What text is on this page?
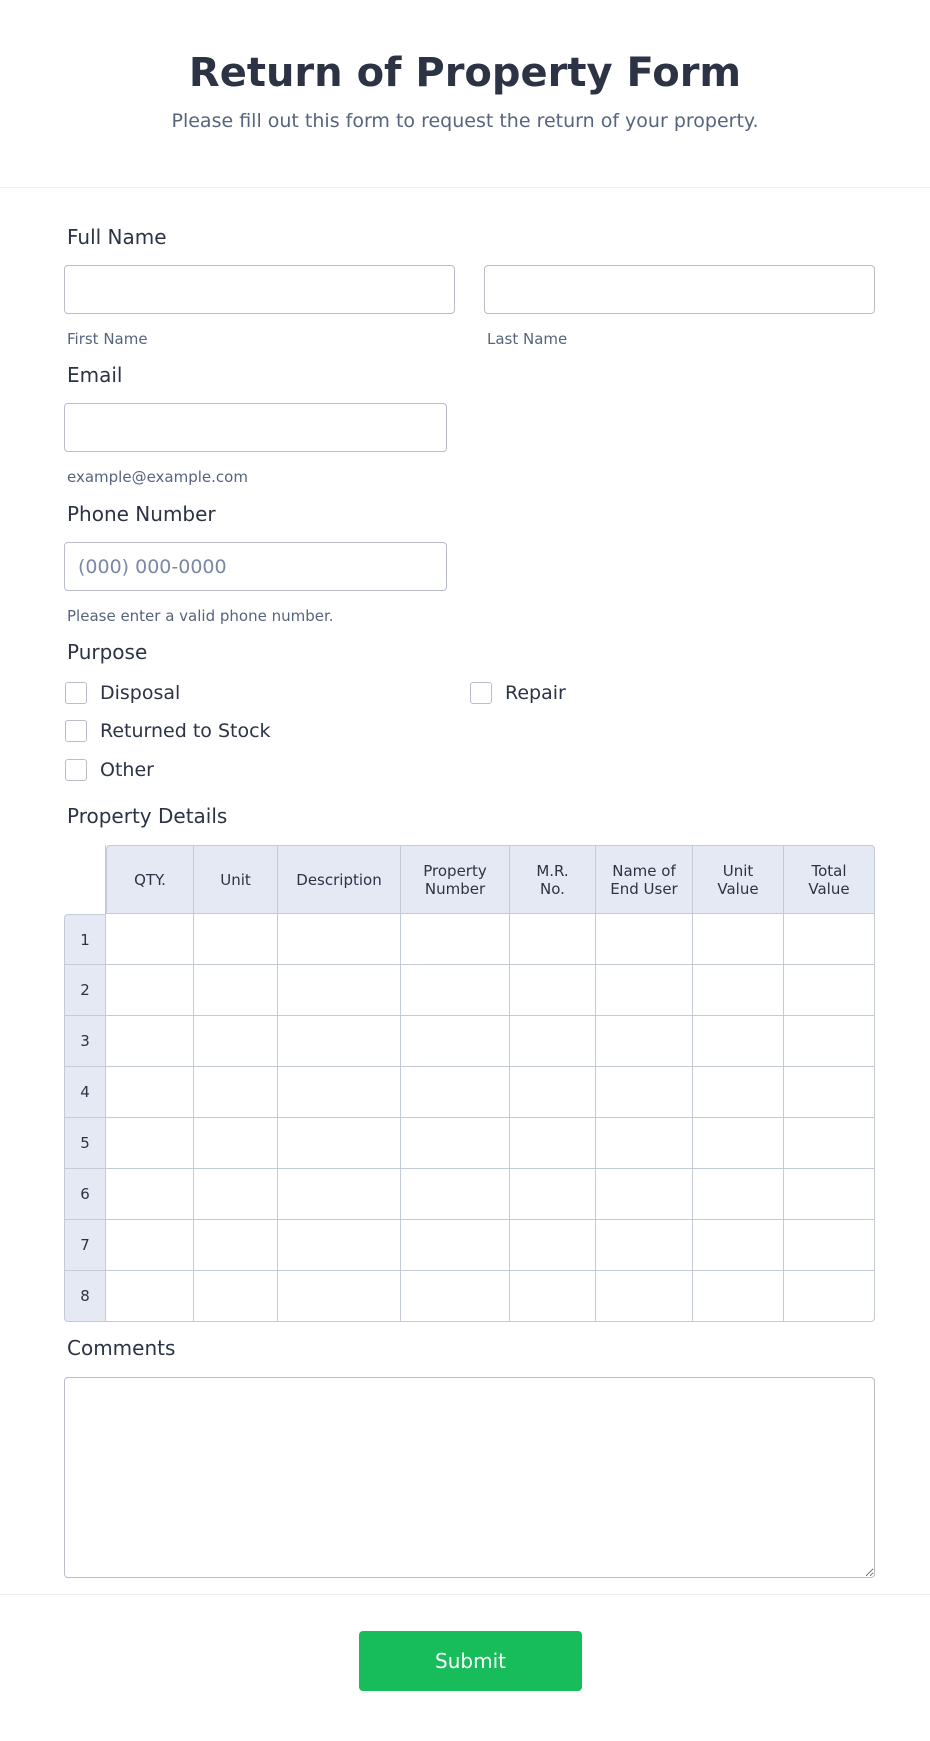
Return of Property Form
Please fill out this form to request the return of your property.
Full Name
First Name	Last Name
Email
example@example.com
Phone Number
(000) 000-0000
Please enter a valid phone number.
Purpose
Disposal	Repair
Returned to Stock
Other
Property Details
	QTY.	Unit	Description	Property Number	M.R. No.	Name of End User	Unit Value	Total Value
1								
2								
3								
4								
5								
6								
7								
8								
Comments
Submit
